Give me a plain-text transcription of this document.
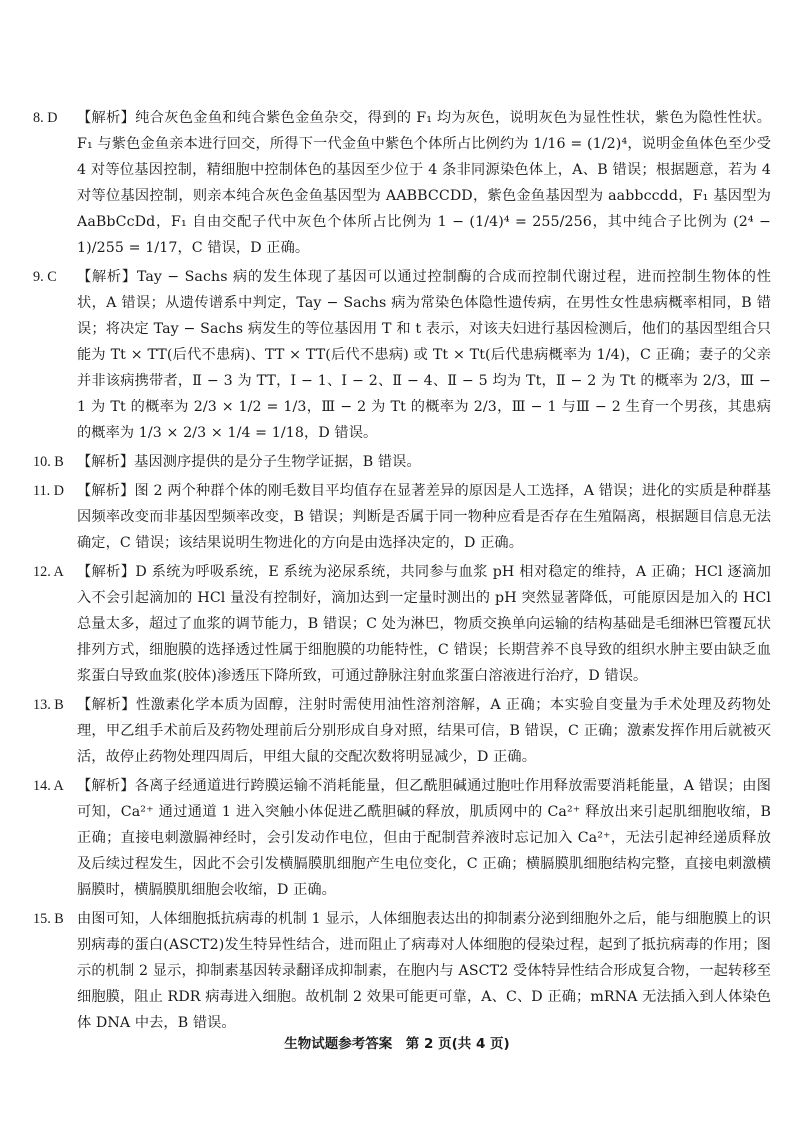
8. D	【解析】纯合灰色金鱼和纯合紫色金鱼杂交，得到的 F₁ 均为灰色，说明灰色为显性性状，紫色为隐性性状。F₁ 与紫色金鱼亲本进行回交，所得下一代金鱼中紫色个体所占比例约为 1/16 = (1/2)⁴，说明金鱼体色至少受 4 对等位基因控制，精细胞中控制体色的基因至少位于 4 条非同源染色体上，A、B 错误；根据题意，若为 4 对等位基因控制，则亲本纯合灰色金鱼基因型为 AABBCCDD，紫色金鱼基因型为 aabbccdd，F₁ 基因型为 AaBbCcDd，F₁ 自由交配子代中灰色个体所占比例为 1 − (1/4)⁴ = 255/256，其中纯合子比例为 (2⁴ − 1)/255 = 1/17，C 错误，D 正确。
9. C	【解析】Tay − Sachs 病的发生体现了基因可以通过控制酶的合成而控制代谢过程，进而控制生物体的性状，A 错误；从遗传谱系中判定，Tay − Sachs 病为常染色体隐性遗传病，在男性女性患病概率相同，B 错误；将决定 Tay − Sachs 病发生的等位基因用 T 和 t 表示，对该夫妇进行基因检测后，他们的基因型组合只能为 Tt × TT(后代不患病)、TT × TT(后代不患病) 或 Tt × Tt(后代患病概率为 1/4)，C 正确；妻子的父亲并非该病携带者，Ⅱ − 3 为 TT，Ⅰ − 1、Ⅰ − 2、Ⅱ − 4、Ⅱ − 5 均为 Tt，Ⅱ − 2 为 Tt 的概率为 2/3，Ⅲ − 1 为 Tt 的概率为 2/3 × 1/2 = 1/3，Ⅲ − 2 为 Tt 的概率为 2/3，Ⅲ − 1 与Ⅲ − 2 生育一个男孩，其患病的概率为 1/3 × 2/3 × 1/4 = 1/18，D 错误。
10. B 【解析】基因测序提供的是分子生物学证据，B 错误。
11. D 【解析】图 2 两个种群个体的刚毛数目平均值存在显著差异的原因是人工选择，A 错误；进化的实质是种群基因频率改变而非基因型频率改变，B 错误；判断是否属于同一物种应看是否存在生殖隔离，根据题目信息无法确定，C 错误；该结果说明生物进化的方向是由选择决定的，D 正确。
12. A 【解析】D 系统为呼吸系统，E 系统为泌尿系统，共同参与血浆 pH 相对稳定的维持，A 正确；HCl 逐滴加入不会引起滴加的 HCl 量没有控制好，滴加达到一定量时测出的 pH 突然显著降低，可能原因是加入的 HCl 总量太多，超过了血浆的调节能力，B 错误；C 处为淋巴，物质交换单向运输的结构基础是毛细淋巴管覆瓦状排列方式，细胞膜的选择透过性属于细胞膜的功能特性，C 错误；长期营养不良导致的组织水肿主要由缺乏血浆蛋白导致血浆(胶体)渗透压下降所致，可通过静脉注射血浆蛋白溶液进行治疗，D 错误。
13. B 【解析】性激素化学本质为固醇，注射时需使用油性溶剂溶解，A 正确；本实验自变量为手术处理及药物处理，甲乙组手术前后及药物处理前后分别形成自身对照，结果可信，B 错误，C 正确；激素发挥作用后就被灭活，故停止药物处理四周后，甲组大鼠的交配次数将明显减少，D 正确。
14. A 【解析】各离子经通道进行跨膜运输不消耗能量，但乙酰胆碱通过胞吐作用释放需要消耗能量，A 错误；由图可知，Ca²⁺ 通过通道 1 进入突触小体促进乙酰胆碱的释放，肌质网中的 Ca²⁺ 释放出来引起肌细胞收缩，B 正确；直接电刺激膈神经时，会引发动作电位，但由于配制营养液时忘记加入 Ca²⁺，无法引起神经递质释放及后续过程发生，因此不会引发横膈膜肌细胞产生电位变化，C 正确；横膈膜肌细胞结构完整，直接电刺激横膈膜时，横膈膜肌细胞会收缩，D 正确。
15. B 由图可知，人体细胞抵抗病毒的机制 1 显示，人体细胞表达出的抑制素分泌到细胞外之后，能与细胞膜上的识别病毒的蛋白(ASCT2)发生特异性结合，进而阻止了病毒对人体细胞的侵染过程，起到了抵抗病毒的作用；图示的机制 2 显示，抑制素基因转录翻译成抑制素，在胞内与 ASCT2 受体特异性结合形成复合物，一起转移至细胞膜，阻止 RDR 病毒进入细胞。故机制 2 效果可能更可靠，A、C、D 正确；mRNA 无法插入到人体染色体 DNA 中去，B 错误。
生物试题参考答案　第 2 页(共 4 页)
